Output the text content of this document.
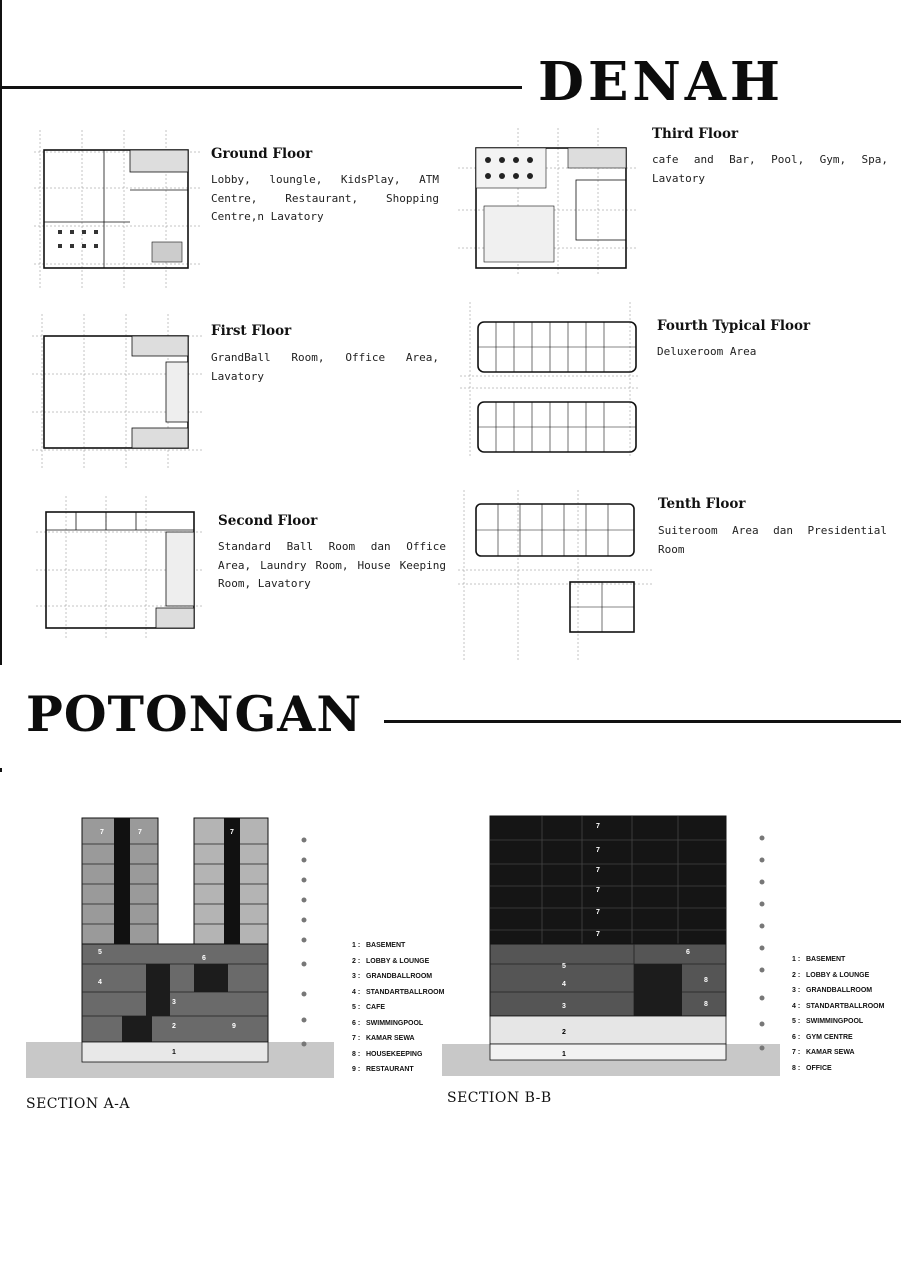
DENAH
Ground Floor
Lobby, loungle, KidsPlay, ATM Centre, Restaurant, Shopping Centre,n Lavatory
First Floor
GrandBall Room, Office Area, Lavatory
Second Floor
Standard Ball Room dan Office Area, Laundry Room, House Keeping Room, Lavatory
Third Floor
cafe and Bar, Pool, Gym, Spa, Lavatory
Fourth Typical Floor
Deluxeroom Area
Tenth Floor
Suiteroom Area dan Presidential Room
POTONGAN
7	7	7
5
6
3
4
2	9
1
1 : BASEMENT
2 : LOBBY & LOUNGE
3 : GRANDBALLROOM
4 : STANDARTBALLROOM
5 : CAFE
6 : SWIMMINGPOOL
7 : KAMAR SEWA
8 : HOUSEKEEPING
9 : RESTAURANT
SECTION A-A
7
7
7
7
7
7
5
4
3
2
1
6
8
8
1 : BASEMENT
2 : LOBBY & LOUNGE
3 : GRANDBALLROOM
4 : STANDARTBALLROOM
5 : SWIMMINGPOOL
6 : GYM CENTRE
7 : KAMAR SEWA
8 : OFFICE
SECTION B-B
